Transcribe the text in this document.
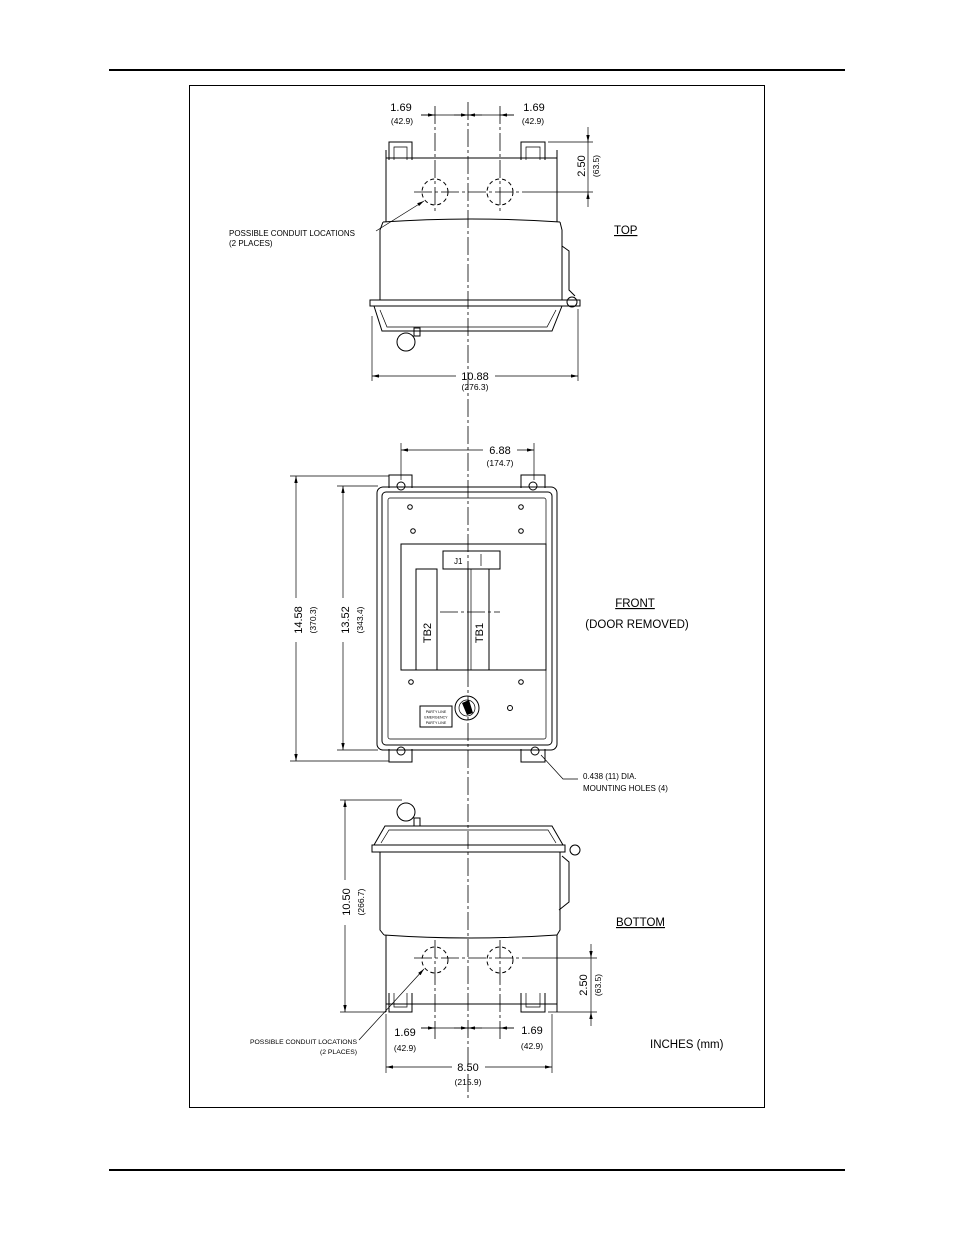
1.69
(42.9)
1.69
(42.9)
2.50 (63.5)
POSSIBLE CONDUIT LOCATIONS
(2 PLACES)
TOP
10.88
(276.3)
6.88
(174.7)
14.58 (370.3) 13.52 (343.4)
J1
TB2	TB1
PARTY LINE
EMERGENCY
PARTY LINE
FRONT
(DOOR REMOVED)
0.438 (11) DIA.
MOUNTING HOLES (4)
10.50 (266.7)
BOTTOM
2.50 (63.5)
1.69
(42.9)
1.69
(42.9)
POSSIBLE CONDUIT LOCATIONS
(2 PLACES)
8.50
(215.9)
INCHES (mm)
